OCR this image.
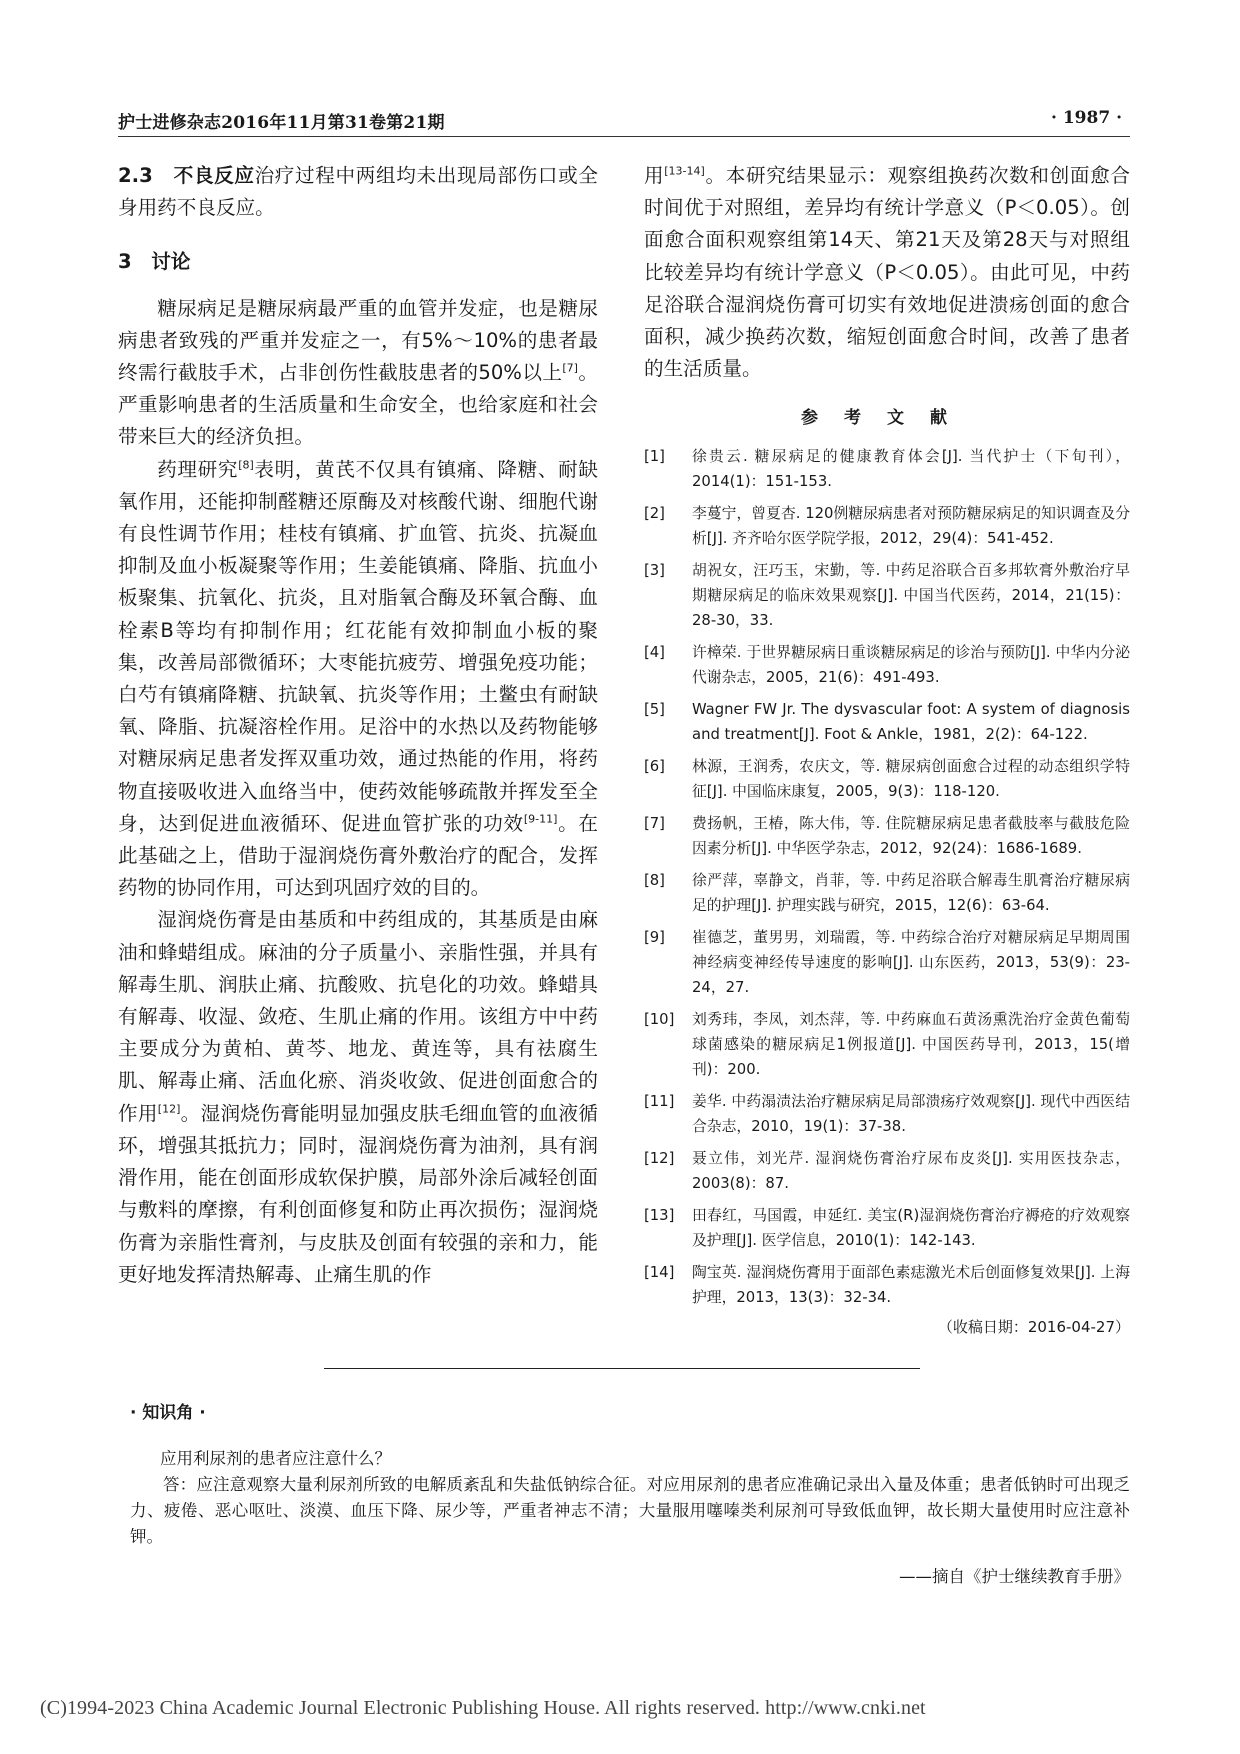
护士进修杂志2016年11月第31卷第21期	· 1987 ·

2.3　不良反应治疗过程中两组均未出现局部伤口或全身用药不良反应。

3　讨论

糖尿病足是糖尿病最严重的血管并发症，也是糖尿病患者致残的严重并发症之一，有5%～10%的患者最终需行截肢手术，占非创伤性截肢患者的50%以上[7]。严重影响患者的生活质量和生命安全，也给家庭和社会带来巨大的经济负担。

药理研究[8]表明，黄芪不仅具有镇痛、降糖、耐缺氧作用，还能抑制醛糖还原酶及对核酸代谢、细胞代谢有良性调节作用；桂枝有镇痛、扩血管、抗炎、抗凝血抑制及血小板凝聚等作用；生姜能镇痛、降脂、抗血小板聚集、抗氧化、抗炎，且对脂氧合酶及环氧合酶、血栓素B等均有抑制作用；红花能有效抑制血小板的聚集，改善局部微循环；大枣能抗疲劳、增强免疫功能；白芍有镇痛降糖、抗缺氧、抗炎等作用；土鳖虫有耐缺氧、降脂、抗凝溶栓作用。足浴中的水热以及药物能够对糖尿病足患者发挥双重功效，通过热能的作用，将药物直接吸收进入血络当中，使药效能够疏散并挥发至全身，达到促进血液循环、促进血管扩张的功效[9-11]。在此基础之上，借助于湿润烧伤膏外敷治疗的配合，发挥药物的协同作用，可达到巩固疗效的目的。

湿润烧伤膏是由基质和中药组成的，其基质是由麻油和蜂蜡组成。麻油的分子质量小、亲脂性强，并具有解毒生肌、润肤止痛、抗酸败、抗皂化的功效。蜂蜡具有解毒、收湿、敛疮、生肌止痛的作用。该组方中中药主要成分为黄柏、黄芩、地龙、黄连等，具有祛腐生肌、解毒止痛、活血化瘀、消炎收敛、促进创面愈合的作用[12]。湿润烧伤膏能明显加强皮肤毛细血管的血液循环，增强其抵抗力；同时，湿润烧伤膏为油剂，具有润滑作用，能在创面形成软保护膜，局部外涂后减轻创面与敷料的摩擦，有利创面修复和防止再次损伤；湿润烧伤膏为亲脂性膏剂，与皮肤及创面有较强的亲和力，能更好地发挥清热解毒、止痛生肌的作

用[13-14]。本研究结果显示：观察组换药次数和创面愈合时间优于对照组，差异均有统计学意义（P＜0.05）。创面愈合面积观察组第14天、第21天及第28天与对照组比较差异均有统计学意义（P＜0.05）。由此可见，中药足浴联合湿润烧伤膏可切实有效地促进溃疡创面的愈合面积，减少换药次数，缩短创面愈合时间，改善了患者的生活质量。

参考文献

[1] 徐贵云. 糖尿病足的健康教育体会[J]. 当代护士（下旬刊），2014(1)：151-153.
[2] 李蔓宁，曾夏杏. 120例糖尿病患者对预防糖尿病足的知识调查及分析[J]. 齐齐哈尔医学院学报，2012，29(4)：541-452.
[3] 胡祝女，汪巧玉，宋勤，等. 中药足浴联合百多邦软膏外敷治疗早期糖尿病足的临床效果观察[J]. 中国当代医药，2014，21(15)：28-30，33.
[4] 许樟荣. 于世界糖尿病日重谈糖尿病足的诊治与预防[J]. 中华内分泌代谢杂志，2005，21(6)：491-493.
[5] Wagner FW Jr. The dysvascular foot: A system of diagnosis and treatment[J]. Foot & Ankle，1981，2(2)：64-122.
[6] 林源，王润秀，农庆文，等. 糖尿病创面愈合过程的动态组织学特征[J]. 中国临床康复，2005，9(3)：118-120.
[7] 费扬帆，王椿，陈大伟，等. 住院糖尿病足患者截肢率与截肢危险因素分析[J]. 中华医学杂志，2012，92(24)：1686-1689.
[8] 徐严萍，辜静文，肖菲，等. 中药足浴联合解毒生肌膏治疗糖尿病足的护理[J]. 护理实践与研究，2015，12(6)：63-64.
[9] 崔德芝，董男男，刘瑞霞，等. 中药综合治疗对糖尿病足早期周围神经病变神经传导速度的影响[J]. 山东医药，2013，53(9)：23-24，27.
[10] 刘秀玮，李凤，刘杰萍，等. 中药麻血石黄汤熏洗治疗金黄色葡萄球菌感染的糖尿病足1例报道[J]. 中国医药导刊，2013，15(增刊)：200.
[11] 姜华. 中药溻渍法治疗糖尿病足局部溃疡疗效观察[J]. 现代中西医结合杂志，2010，19(1)：37-38.
[12] 聂立伟，刘光芹. 湿润烧伤膏治疗尿布皮炎[J]. 实用医技杂志，2003(8)：87.
[13] 田春红，马国霞，申延红. 美宝(R)湿润烧伤膏治疗褥疮的疗效观察及护理[J]. 医学信息，2010(1)：142-143.
[14] 陶宝英. 湿润烧伤膏用于面部色素痣激光术后创面修复效果[J]. 上海护理，2013，13(3)：32-34.

（收稿日期：2016-04-27）

· 知识角 ·

应用利尿剂的患者应注意什么？

答：应注意观察大量利尿剂所致的电解质紊乱和失盐低钠综合征。对应用尿剂的患者应准确记录出入量及体重；患者低钠时可出现乏力、疲倦、恶心呕吐、淡漠、血压下降、尿少等，严重者神志不清；大量服用噻嗪类利尿剂可导致低血钾，故长期大量使用时应注意补钾。

——摘自《护士继续教育手册》

(C)1994-2023 China Academic Journal Electronic Publishing House. All rights reserved. http://www.cnki.net
